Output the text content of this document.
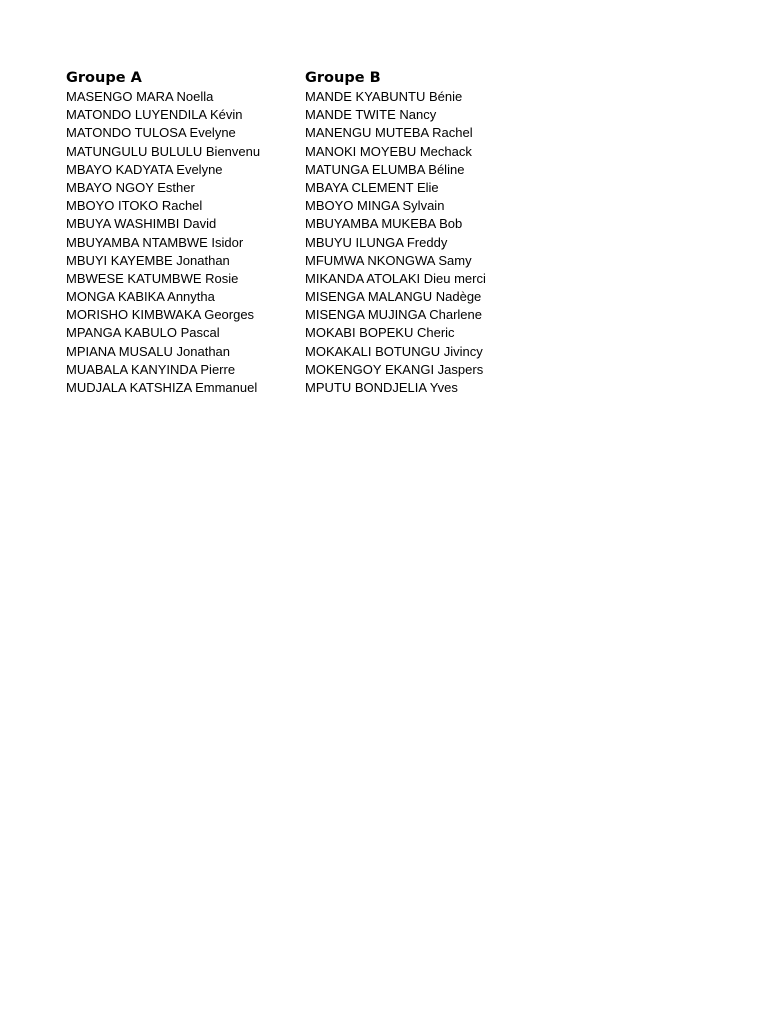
Groupe A
MASENGO MARA Noella
MATONDO LUYENDILA Kévin
MATONDO TULOSA Evelyne
MATUNGULU BULULU Bienvenu
MBAYO KADYATA Evelyne
MBAYO NGOY Esther
MBOYO ITOKO Rachel
MBUYA WASHIMBI David
MBUYAMBA NTAMBWE Isidor
MBUYI KAYEMBE Jonathan
MBWESE KATUMBWE Rosie
MONGA KABIKA Annytha
MORISHO KIMBWAKA Georges
MPANGA KABULO Pascal
MPIANA MUSALU Jonathan
MUABALA KANYINDA Pierre
MUDJALA KATSHIZA Emmanuel
Groupe B
MANDE KYABUNTU Bénie
MANDE TWITE Nancy
MANENGU MUTEBA Rachel
MANOKI MOYEBU Mechack
MATUNGA ELUMBA Béline
MBAYA CLEMENT Elie
MBOYO MINGA Sylvain
MBUYAMBA MUKEBA Bob
MBUYU ILUNGA Freddy
MFUMWA NKONGWA Samy
MIKANDA ATOLAKI Dieu merci
MISENGA MALANGU Nadège
MISENGA MUJINGA Charlene
MOKABI BOPEKU Cheric
MOKAKALI BOTUNGU Jivincy
MOKENGOY EKANGI Jaspers
MPUTU BONDJELIA Yves
